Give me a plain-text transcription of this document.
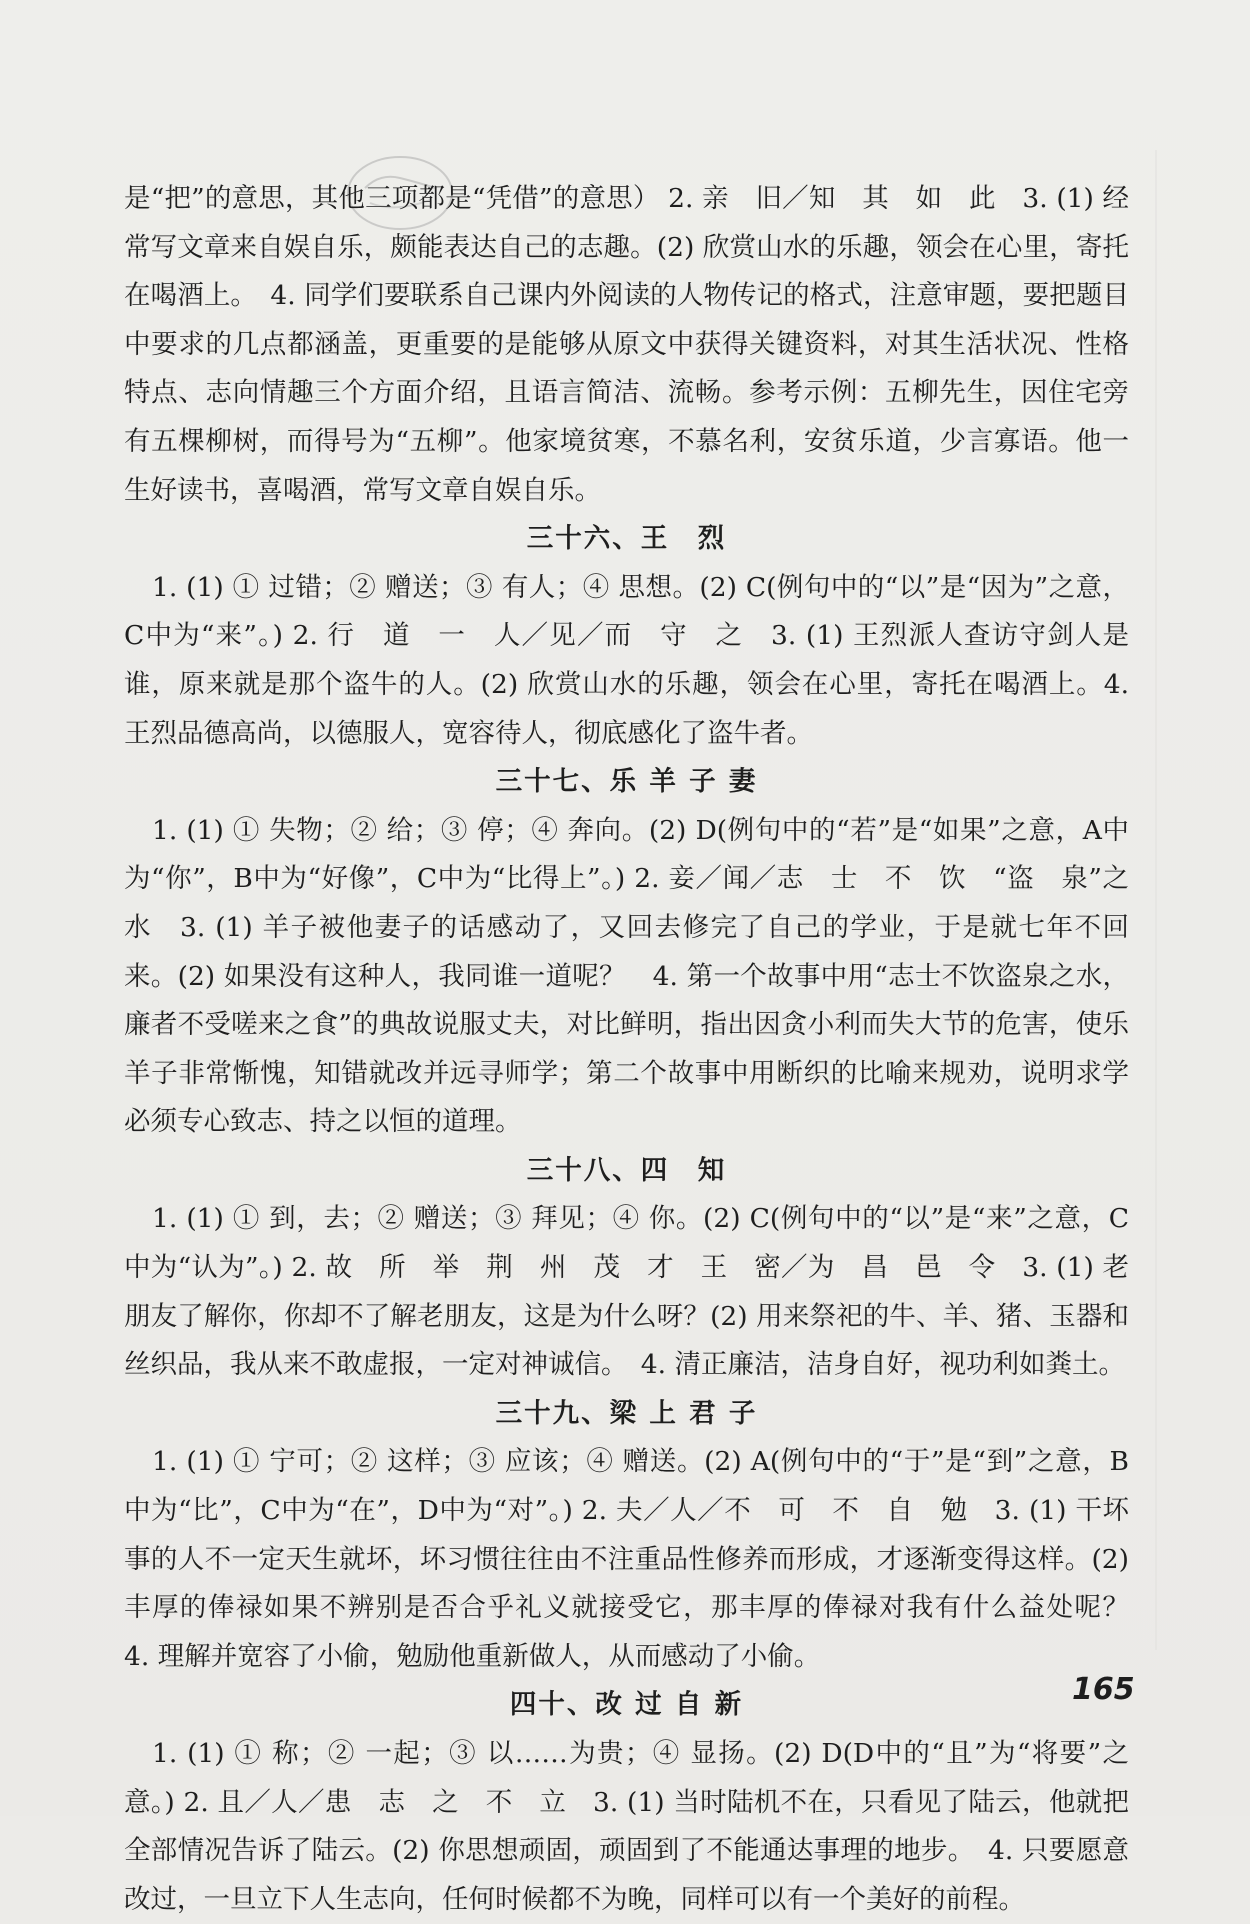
是“把”的意思，其他三项都是“凭借”的意思） 2. 亲　旧／知　其　如　此　3. (1) 经常写文章来自娱自乐，颇能表达自己的志趣。(2) 欣赏山水的乐趣，领会在心里，寄托在喝酒上。　4. 同学们要联系自己课内外阅读的人物传记的格式，注意审题，要把题目中要求的几点都涵盖，更重要的是能够从原文中获得关键资料，对其生活状况、性格特点、志向情趣三个方面介绍，且语言简洁、流畅。参考示例：五柳先生，因住宅旁有五棵柳树，而得号为“五柳”。他家境贫寒，不慕名利，安贫乐道，少言寡语。他一生好读书，喜喝酒，常写文章自娱自乐。

三十六、王　烈

1. (1) ① 过错；② 赠送；③ 有人；④ 思想。(2) C(例句中的“以”是“因为”之意，C中为“来”。) 2. 行　道　一　人／见／而　守　之　3. (1) 王烈派人查访守剑人是谁，原来就是那个盗牛的人。(2) 欣赏山水的乐趣，领会在心里，寄托在喝酒上。4. 王烈品德高尚，以德服人，宽容待人，彻底感化了盗牛者。

三十七、乐 羊 子 妻

1. (1) ① 失物；② 给；③ 停；④ 奔向。(2) D(例句中的“若”是“如果”之意，A中为“你”，B中为“好像”，C中为“比得上”。) 2. 妾／闻／志　士　不　饮　“盗　泉”之　水　3. (1) 羊子被他妻子的话感动了，又回去修完了自己的学业，于是就七年不回来。(2) 如果没有这种人，我同谁一道呢？　4. 第一个故事中用“志士不饮盗泉之水，廉者不受嗟来之食”的典故说服丈夫，对比鲜明，指出因贪小利而失大节的危害，使乐羊子非常惭愧，知错就改并远寻师学；第二个故事中用断织的比喻来规劝，说明求学必须专心致志、持之以恒的道理。

三十八、四　知

1. (1) ① 到，去；② 赠送；③ 拜见；④ 你。(2) C(例句中的“以”是“来”之意，C中为“认为”。) 2. 故　所　举　荆　州　茂　才　王　密／为　昌　邑　令　3. (1) 老朋友了解你，你却不了解老朋友，这是为什么呀？(2) 用来祭祀的牛、羊、猪、玉器和丝织品，我从来不敢虚报，一定对神诚信。　4. 清正廉洁，洁身自好，视功利如粪土。

三十九、梁 上 君 子

1. (1) ① 宁可；② 这样；③ 应该；④ 赠送。(2) A(例句中的“于”是“到”之意，B中为“比”，C中为“在”，D中为“对”。) 2. 夫／人／不　可　不　自　勉　3. (1) 干坏事的人不一定天生就坏，坏习惯往往由不注重品性修养而形成，才逐渐变得这样。(2) 丰厚的俸禄如果不辨别是否合乎礼义就接受它，那丰厚的俸禄对我有什么益处呢？　4. 理解并宽容了小偷，勉励他重新做人，从而感动了小偷。

四十、改 过 自 新

1. (1) ① 称；② 一起；③ 以……为贵；④ 显扬。(2) D(D中的“且”为“将要”之意。) 2. 且／人／患　志　之　不　立　3. (1) 当时陆机不在，只看见了陆云，他就把全部情况告诉了陆云。(2) 你思想顽固，顽固到了不能通达事理的地步。　4. 只要愿意改过，一旦立下人生志向，任何时候都不为晚，同样可以有一个美好的前程。

165
